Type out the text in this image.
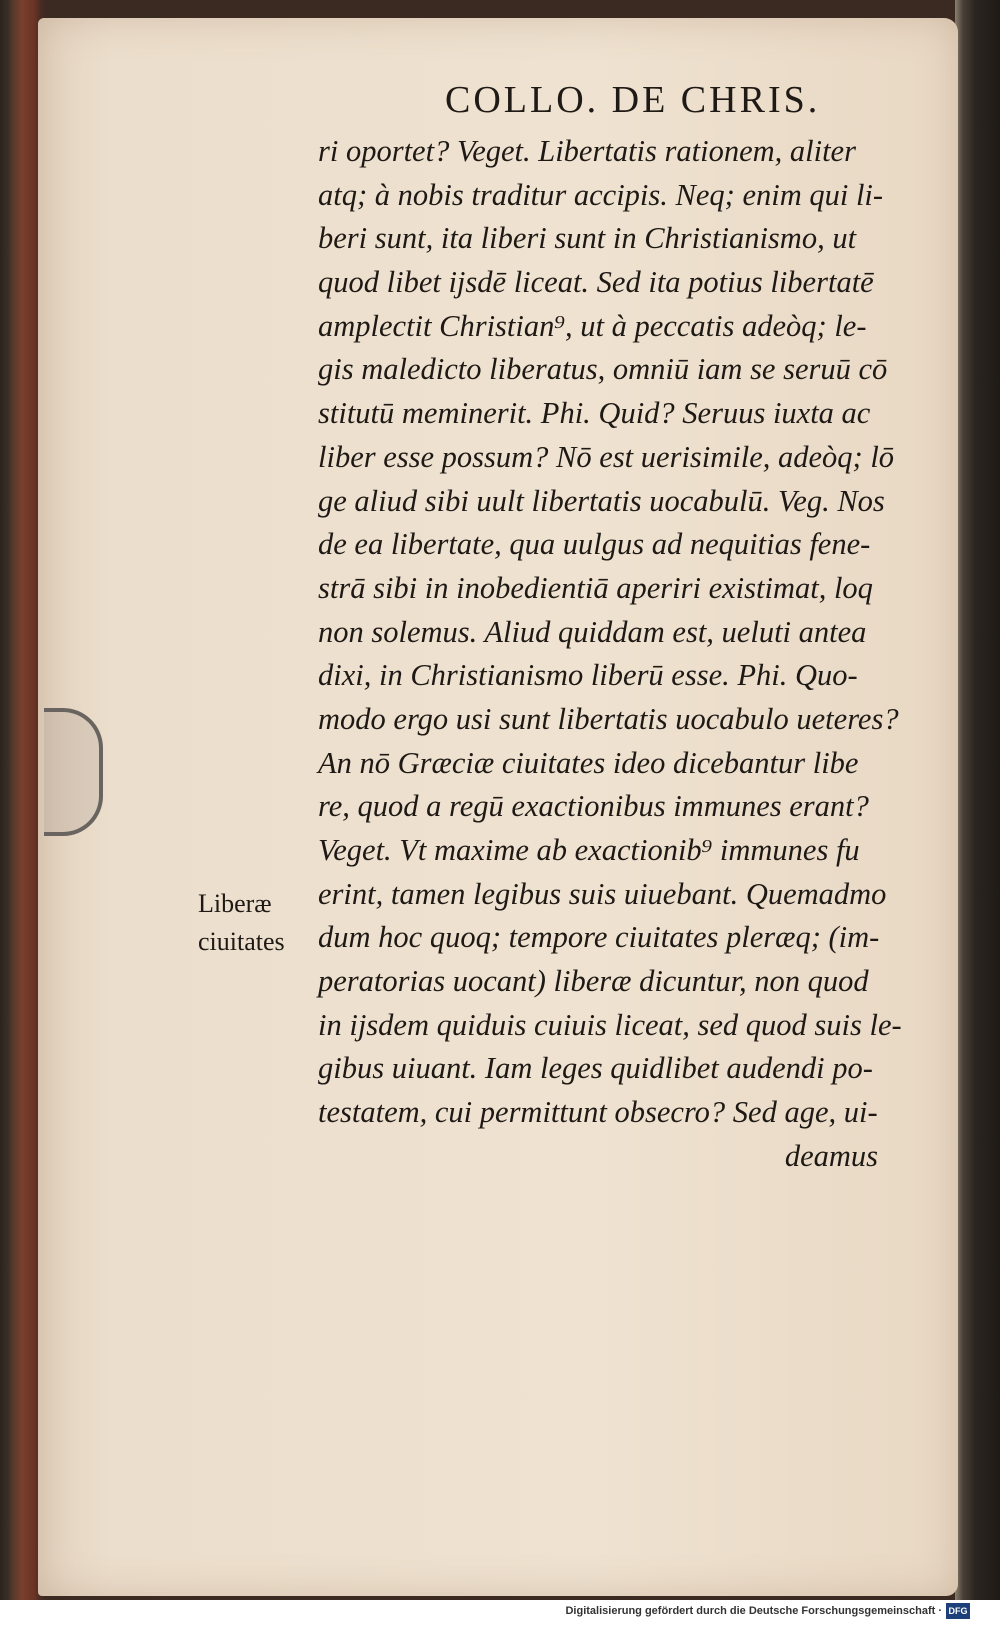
COLLO. DE CHRIS.
ri oportet? Veget. Libertatis rationem, aliter
atq; à nobis traditur accipis. Neq; enim qui li-
beri sunt, ita liberi sunt in Christianismo, ut
quod libet ijsdē liceat. Sed ita potius libertatē
amplectit Christian⁹, ut à peccatis adeòq; le-
gis maledicto liberatus, omniū iam se seruū cō
stitutū meminerit. Phi. Quid? Seruus iuxta ac
liber esse possum? Nō est uerisimile, adeòq; lō
ge aliud sibi uult libertatis uocabulū. Veg. Nos
de ea libertate, qua uulgus ad nequitias fene-
strā sibi in inobedientiā aperiri existimat, loq
non solemus. Aliud quiddam est, ueluti antea
dixi, in Christianismo liberū esse. Phi. Quo-
modo ergo usi sunt libertatis uocabulo ueteres?
An nō Græciæ ciuitates ideo dicebantur libe
re, quod a regū exactionibus immunes erant?
Veget. Vt maxime ab exactionib⁹ immunes fu
erint, tamen legibus suis uiuebant. Quemadmo
dum hoc quoq; tempore ciuitates pleræq; (im-
peratorias uocant) liberæ dicuntur, non quod
in ijsdem quiduis cuiuis liceat, sed quod suis le-
gibus uiuant. Iam leges quidlibet audendi po-
testatem, cui permittunt obsecro? Sed age, ui-
deamus
Liberæ
ciuitates
Digitalisierung gefördert durch die Deutsche Forschungsgemeinschaft · DFG
